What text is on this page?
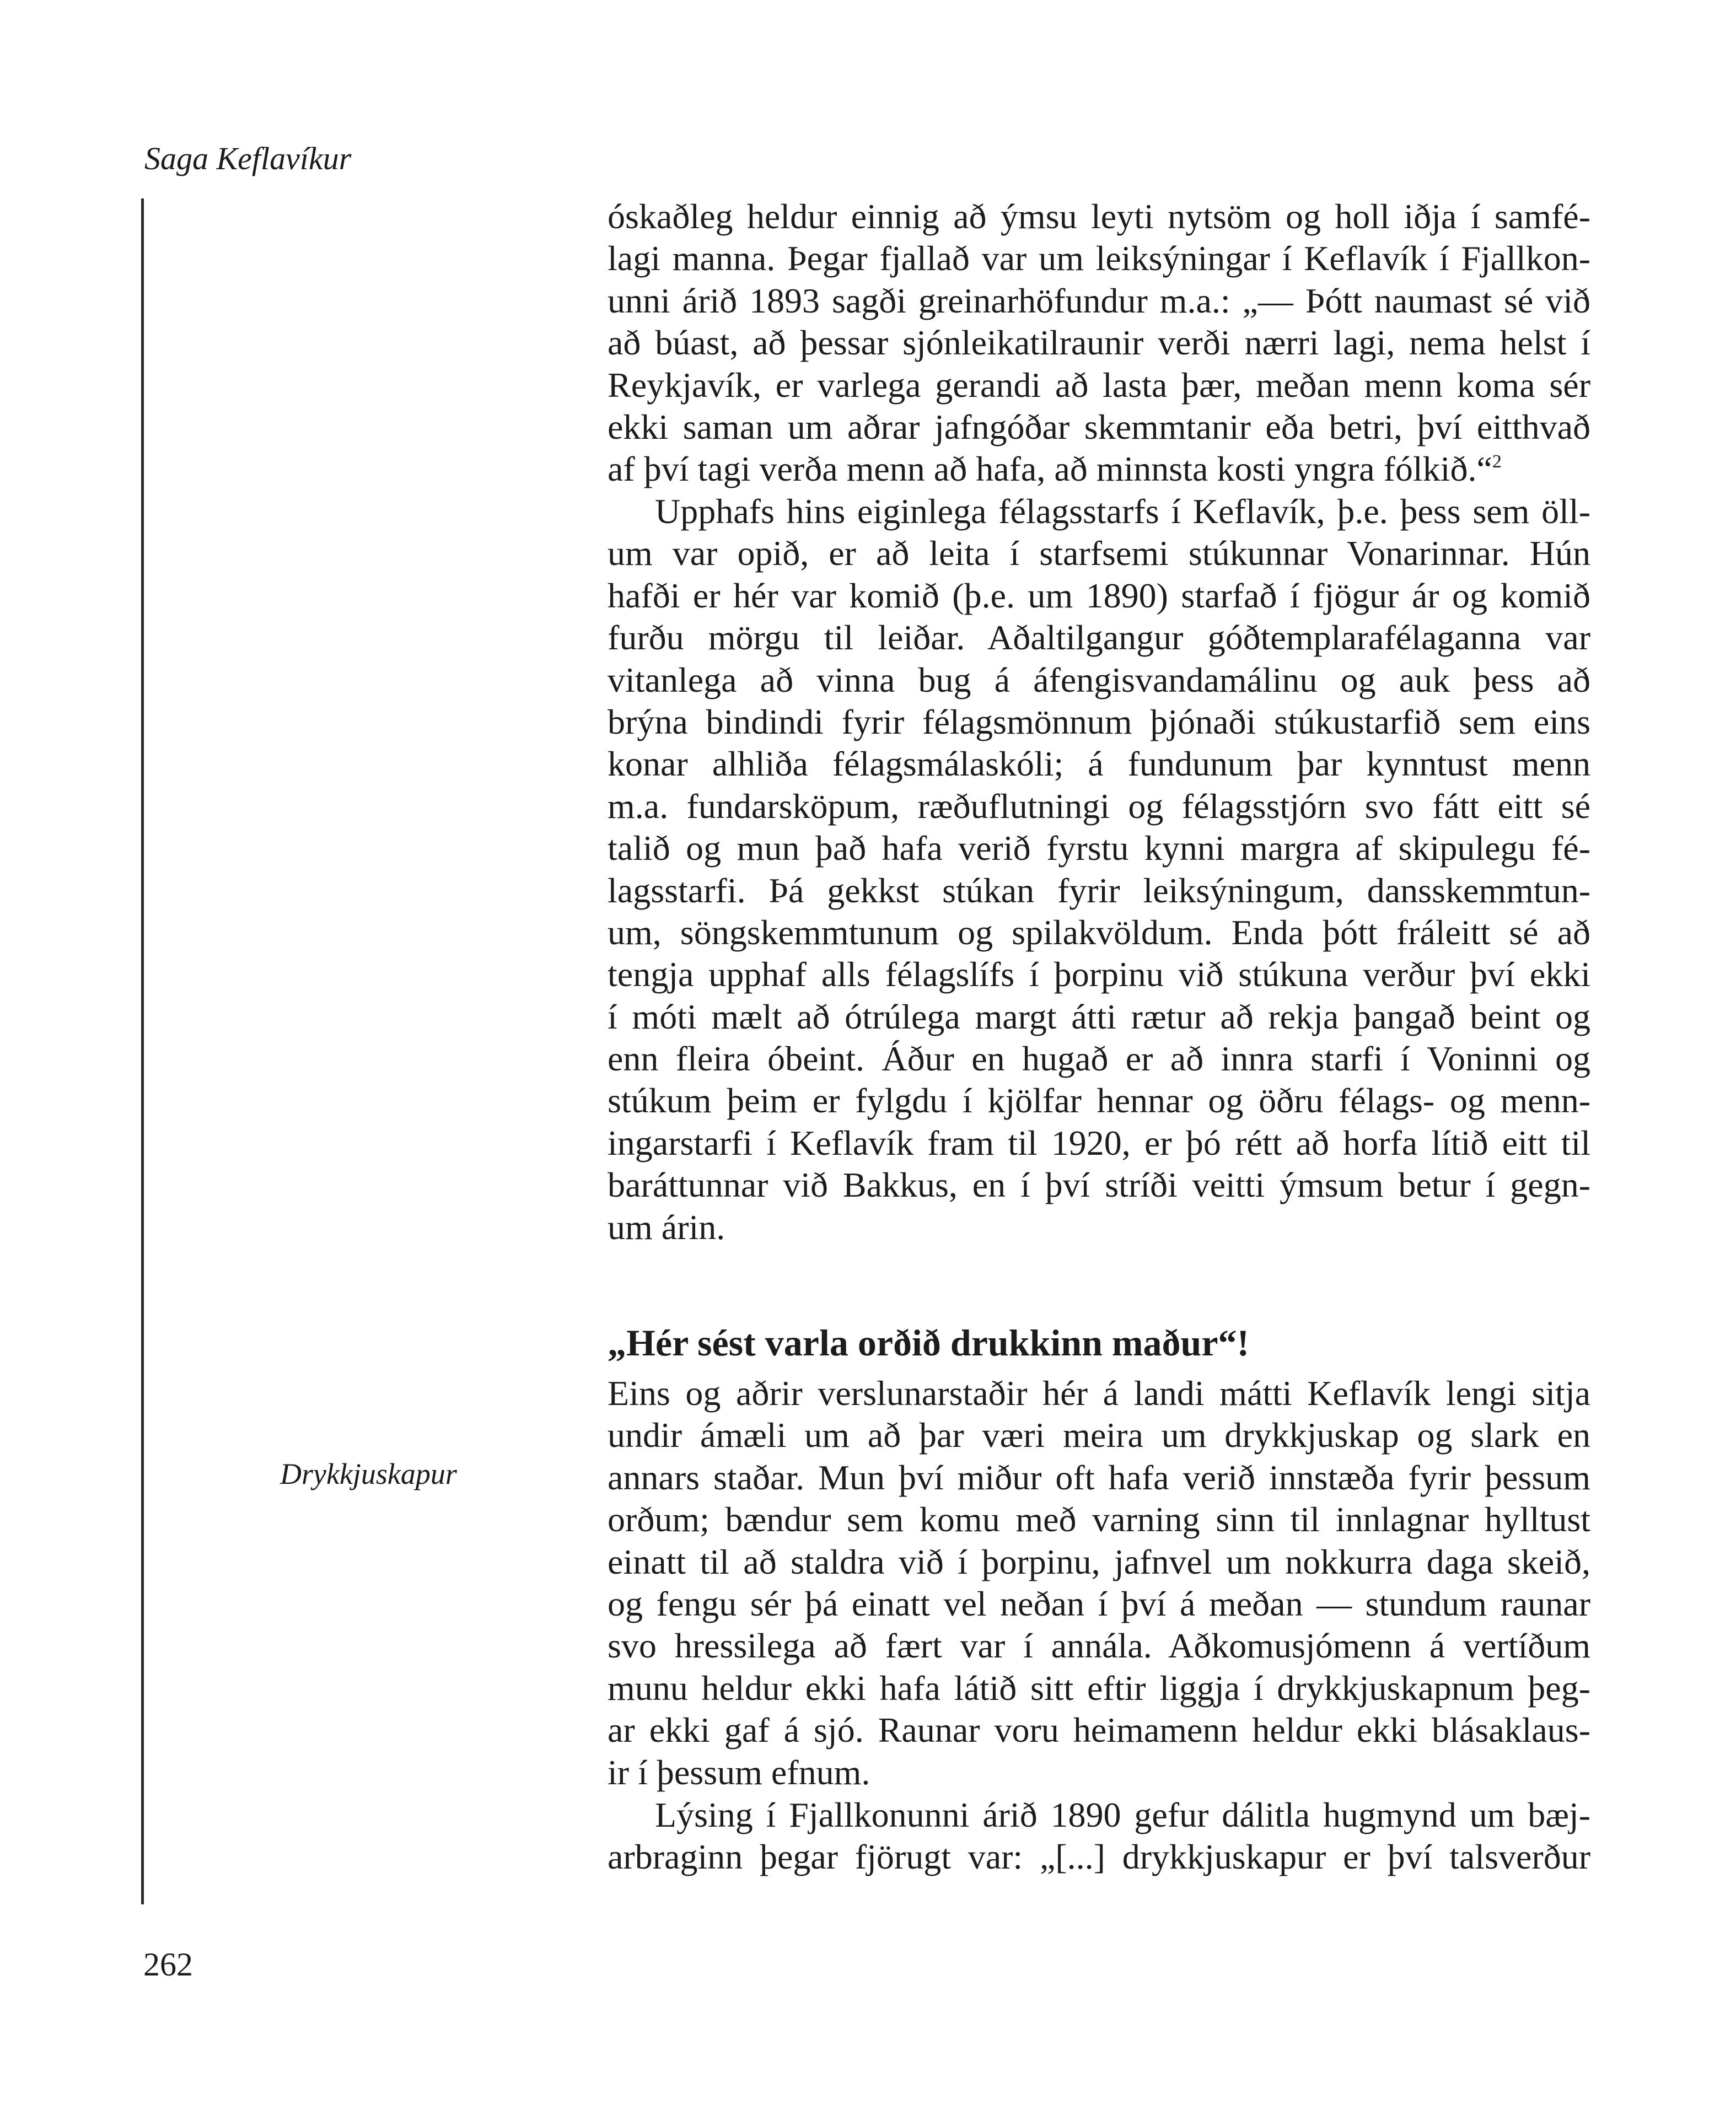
Saga Keflavíkur
óskaðleg heldur einnig að ýmsu leyti nytsöm og holl iðja í samfé-
lagi manna. Þegar fjallað var um leiksýningar í Keflavík í Fjallkon-
unni árið 1893 sagði greinarhöfundur m.a.: „— Þótt naumast sé við
að búast, að þessar sjónleikatilraunir verði nærri lagi, nema helst í
Reykjavík, er varlega gerandi að lasta þær, meðan menn koma sér
ekki saman um aðrar jafngóðar skemmtanir eða betri, því eitthvað
af því tagi verða menn að hafa, að minnsta kosti yngra fólkið.“$^2$
Upphafs hins eiginlega félagsstarfs í Keflavík, þ.e. þess sem öll-
um var opið, er að leita í starfsemi stúkunnar Vonarinnar. Hún
hafði er hér var komið (þ.e. um 1890) starfað í fjögur ár og komið
furðu mörgu til leiðar. Aðaltilgangur góðtemplarafélaganna var
vitanlega að vinna bug á áfengisvandamálinu og auk þess að
brýna bindindi fyrir félagsmönnum þjónaði stúkustarfið sem eins
konar alhliða félagsmálaskóli; á fundunum þar kynntust menn
m.a. fundarsköpum, ræðuflutningi og félagsstjórn svo fátt eitt sé
talið og mun það hafa verið fyrstu kynni margra af skipulegu fé-
lagsstarfi. Þá gekkst stúkan fyrir leiksýningum, dansskemmtun-
um, söngskemmtunum og spilakvöldum. Enda þótt fráleitt sé að
tengja upphaf alls félagslífs í þorpinu við stúkuna verður því ekki
í móti mælt að ótrúlega margt átti rætur að rekja þangað beint og
enn fleira óbeint. Áður en hugað er að innra starfi í Voninni og
stúkum þeim er fylgdu í kjölfar hennar og öðru félags- og menn-
ingarstarfi í Keflavík fram til 1920, er þó rétt að horfa lítið eitt til
baráttunnar við Bakkus, en í því stríði veitti ýmsum betur í gegn-
um árin.
„Hér sést varla orðið drukkinn maður“!
Drykkjuskapur
Eins og aðrir verslunarstaðir hér á landi mátti Keflavík lengi sitja
undir ámæli um að þar væri meira um drykkjuskap og slark en
annars staðar. Mun því miður oft hafa verið innstæða fyrir þessum
orðum; bændur sem komu með varning sinn til innlagnar hylltust
einatt til að staldra við í þorpinu, jafnvel um nokkurra daga skeið,
og fengu sér þá einatt vel neðan í því á meðan — stundum raunar
svo hressilega að fært var í annála. Aðkomusjómenn á vertíðum
munu heldur ekki hafa látið sitt eftir liggja í drykkjuskapnum þeg-
ar ekki gaf á sjó. Raunar voru heimamenn heldur ekki blásaklaus-
ir í þessum efnum.
Lýsing í Fjallkonunni árið 1890 gefur dálitla hugmynd um bæj-
arbraginn þegar fjörugt var: „[...] drykkjuskapur er því talsverður
262
